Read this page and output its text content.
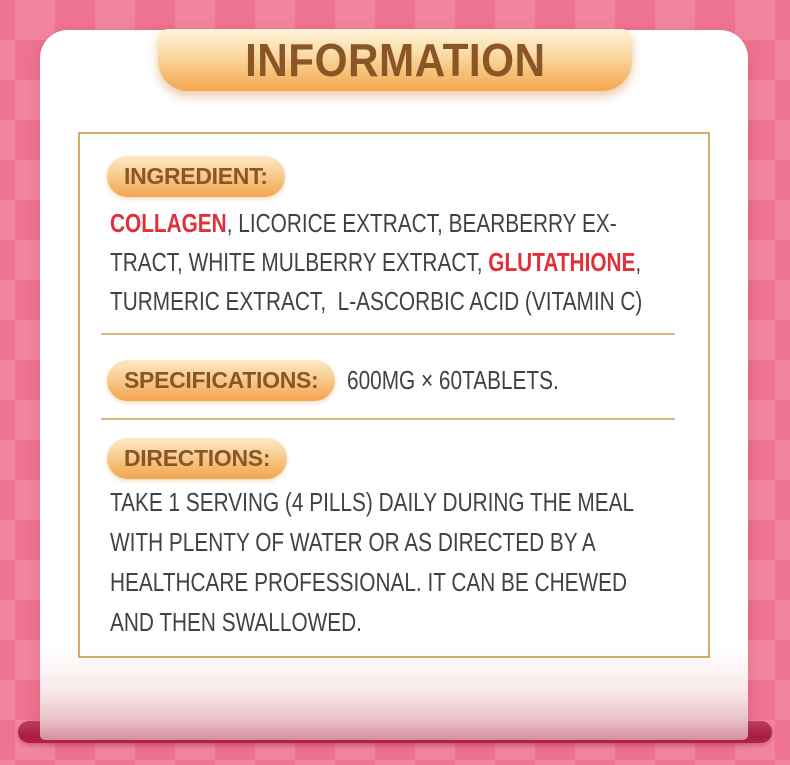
INGREDIENT:
COLLAGEN, LICORICE EXTRACT, BEARBERRY EX-
TRACT, WHITE MULBERRY EXTRACT, GLUTATHIONE,
TURMERIC EXTRACT,  L-ASCORBIC ACID (VITAMIN C)
SPECIFICATIONS: 600MG × 60TABLETS.
DIRECTIONS:
TAKE 1 SERVING (4 PILLS) DAILY DURING THE MEAL
WITH PLENTY OF WATER OR AS DIRECTED BY A
HEALTHCARE PROFESSIONAL. IT CAN BE CHEWED
AND THEN SWALLOWED.
INFORMATION
